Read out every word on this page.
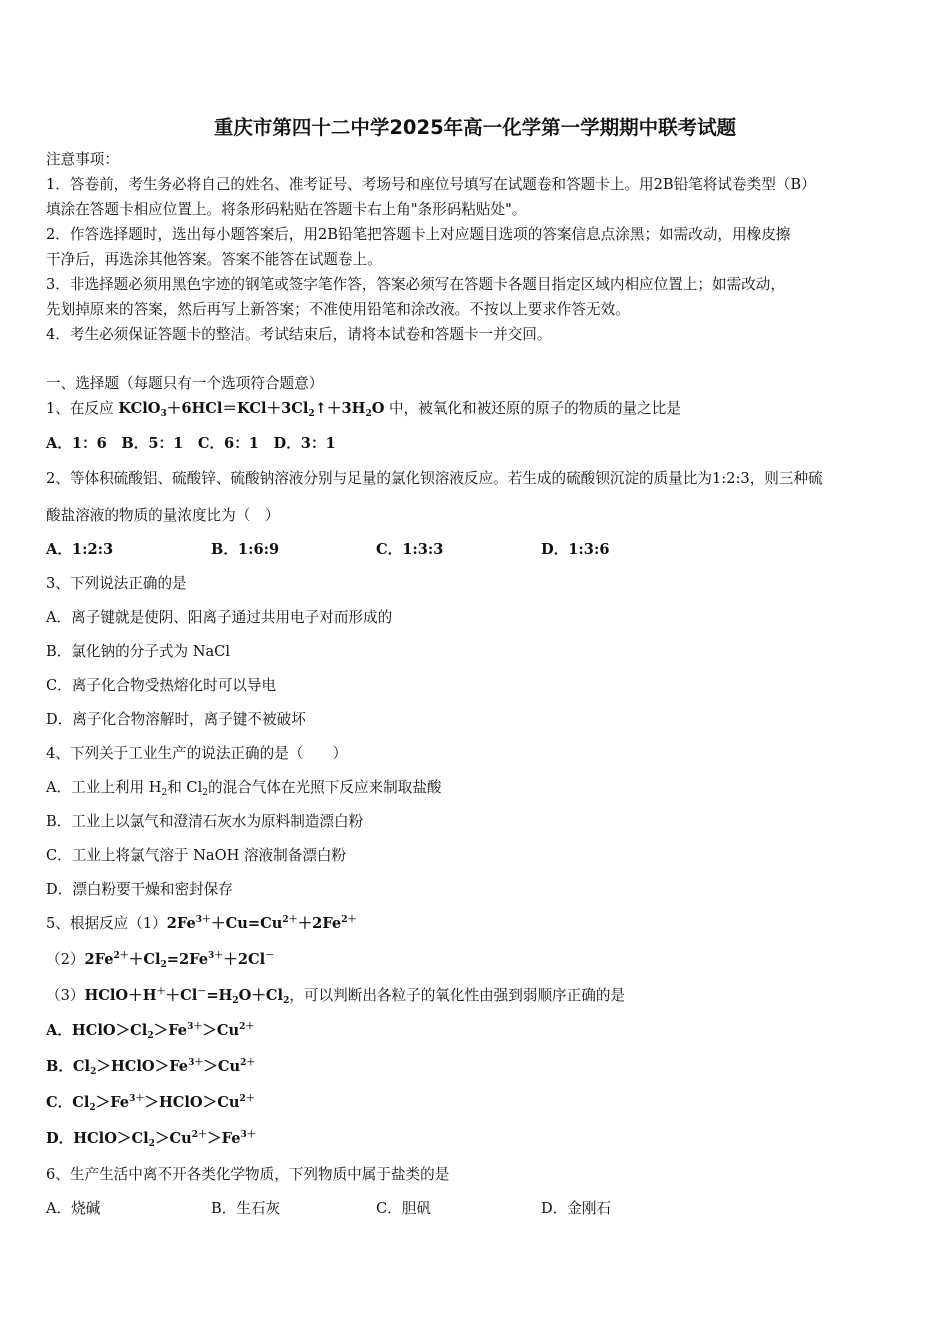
重庆市第四十二中学2025年高一化学第一学期期中联考试题
注意事项：
1．答卷前，考生务必将自己的姓名、准考证号、考场号和座位号填写在试题卷和答题卡上。用2B铅笔将试卷类型（B）
填涂在答题卡相应位置上。将条形码粘贴在答题卡右上角"条形码粘贴处"。
2．作答选择题时，选出每小题答案后，用2B铅笔把答题卡上对应题目选项的答案信息点涂黑；如需改动，用橡皮擦
干净后，再选涂其他答案。答案不能答在试题卷上。
3．非选择题必须用黑色字迹的钢笔或签字笔作答，答案必须写在答题卡各题目指定区域内相应位置上；如需改动，
先划掉原来的答案，然后再写上新答案；不准使用铅笔和涂改液。不按以上要求作答无效。
4．考生必须保证答题卡的整洁。考试结束后，请将本试卷和答题卡一并交回。
一、选择题（每题只有一个选项符合题意）
1、在反应 $KClO_3+6HCl=KCl+3Cl_2↑+3H_2O$ 中，被氧化和被还原的原子的物质的量之比是
A．1：6　B．5：1　C．6：1　D．3：1
2、等体积硫酸铝、硫酸锌、硫酸钠溶液分别与足量的氯化钡溶液反应。若生成的硫酸钡沉淀的质量比为1:2:3，则三种硫
酸盐溶液的物质的量浓度比为（　）
A．1:2:3	B．1:6:9	C．1:3:3	D．1:3:6
3、下列说法正确的是
A．离子键就是使阴、阳离子通过共用电子对而形成的
B．氯化钠的分子式为 NaCl
C．离子化合物受热熔化时可以导电
D．离子化合物溶解时，离子键不被破坏
4、下列关于工业生产的说法正确的是（　　）
A．工业上利用 $H_2$和 $Cl_2$的混合气体在光照下反应来制取盐酸
B．工业上以氯气和澄清石灰水为原料制造漂白粉
C．工业上将氯气溶于 NaOH 溶液制备漂白粉
D．漂白粉要干燥和密封保存
5、根据反应$(1)2Fe^{3+}+Cu=Cu^{2+}+2Fe^{2+}$
$(2)2Fe^{2+}+Cl_2=2Fe^{3+}+2Cl^-$
$(3)HClO+H^++Cl^-=H_2O+Cl_2$，可以判断出各粒子的氧化性由强到弱顺序正确的是
A．$HClO>Cl_2>Fe^{3+}>Cu^{2+}$
B．$Cl_2>HClO>Fe^{3+}>Cu^{2+}$
C．$Cl_2>Fe^{3+}>HClO>Cu^{2+}$
D．$HClO>Cl_2>Cu^{2+}>Fe^{3+}$
6、生产生活中离不开各类化学物质，下列物质中属于盐类的是
A．烧碱	B．生石灰	C．胆矾	D．金刚石
